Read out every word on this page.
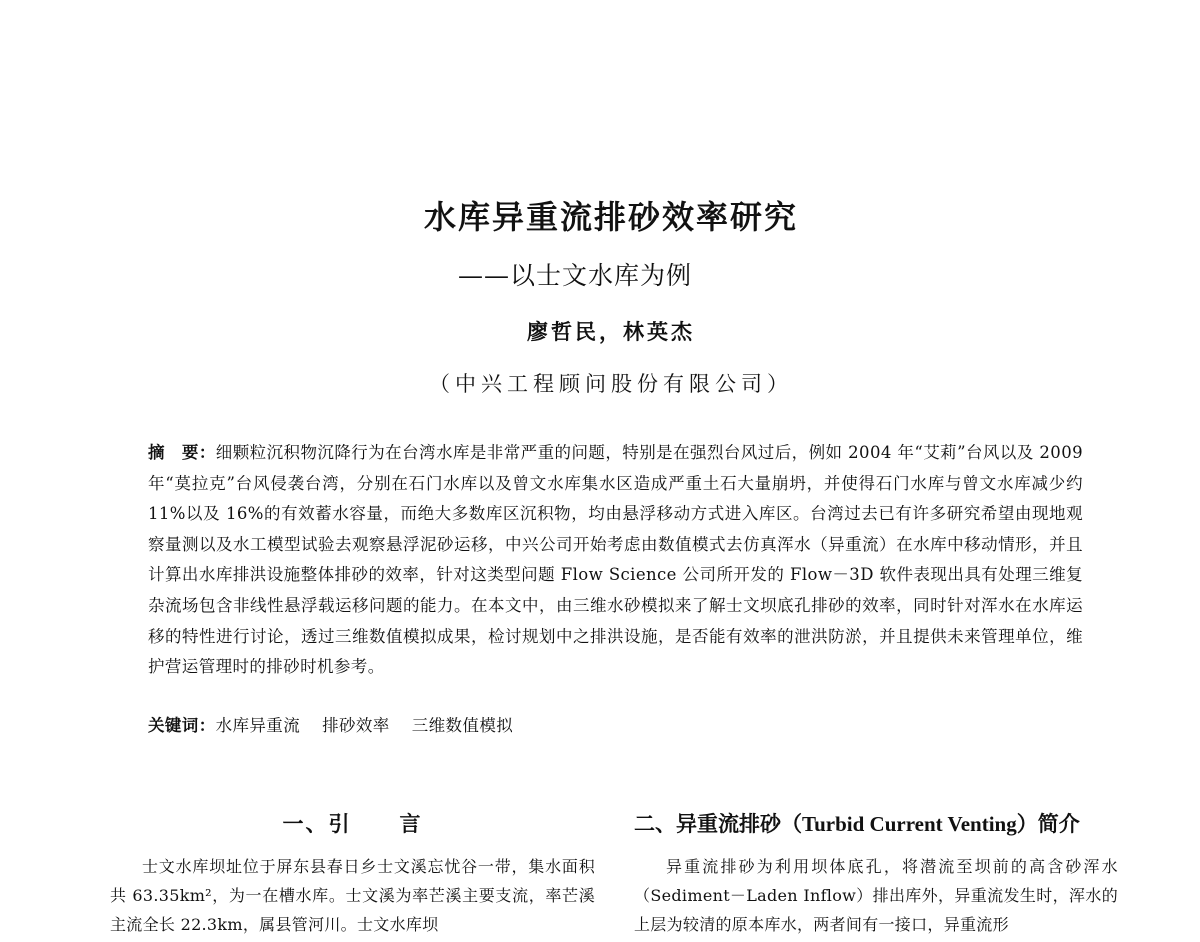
水库异重流排砂效率研究
——以士文水库为例
廖哲民，林英杰
（中兴工程顾问股份有限公司）
摘　要：细颗粒沉积物沉降行为在台湾水库是非常严重的问题，特别是在强烈台风过后，例如 2004 年“艾莉”台风以及 2009 年“莫拉克”台风侵袭台湾，分别在石门水库以及曾文水库集水区造成严重土石大量崩坍，并使得石门水库与曾文水库减少约 11%以及 16%的有效蓄水容量，而绝大多数库区沉积物，均由悬浮移动方式进入库区。台湾过去已有许多研究希望由现地观察量测以及水工模型试验去观察悬浮泥砂运移，中兴公司开始考虑由数值模式去仿真浑水（异重流）在水库中移动情形，并且计算出水库排洪设施整体排砂的效率，针对这类型问题 Flow Science 公司所开发的 Flow－3D 软件表现出具有处理三维复杂流场包含非线性悬浮载运移问题的能力。在本文中，由三维水砂模拟来了解士文坝底孔排砂的效率，同时针对浑水在水库运移的特性进行讨论，透过三维数值模拟成果，检讨规划中之排洪设施，是否能有效率的泄洪防淤，并且提供未来管理单位，维护营运管理时的排砂时机参考。
关键词：水库异重流 排砂效率 三维数值模拟
一、引 言	二、异重流排砂（Turbid Current Venting）简介

士文水库坝址位于屏东县春日乡士文溪忘忧谷一带，集水面积共 63.35km²，为一在槽水库。士文溪为率芒溪主要支流，率芒溪主流全长 22.3km，属县管河川。士文水库坝

异重流排砂为利用坝体底孔，将潜流至坝前的高含砂浑水（Sediment－Laden Inflow）排出库外，异重流发生时，浑水的上层为较清的原本库水，两者间有一接口，异重流形
